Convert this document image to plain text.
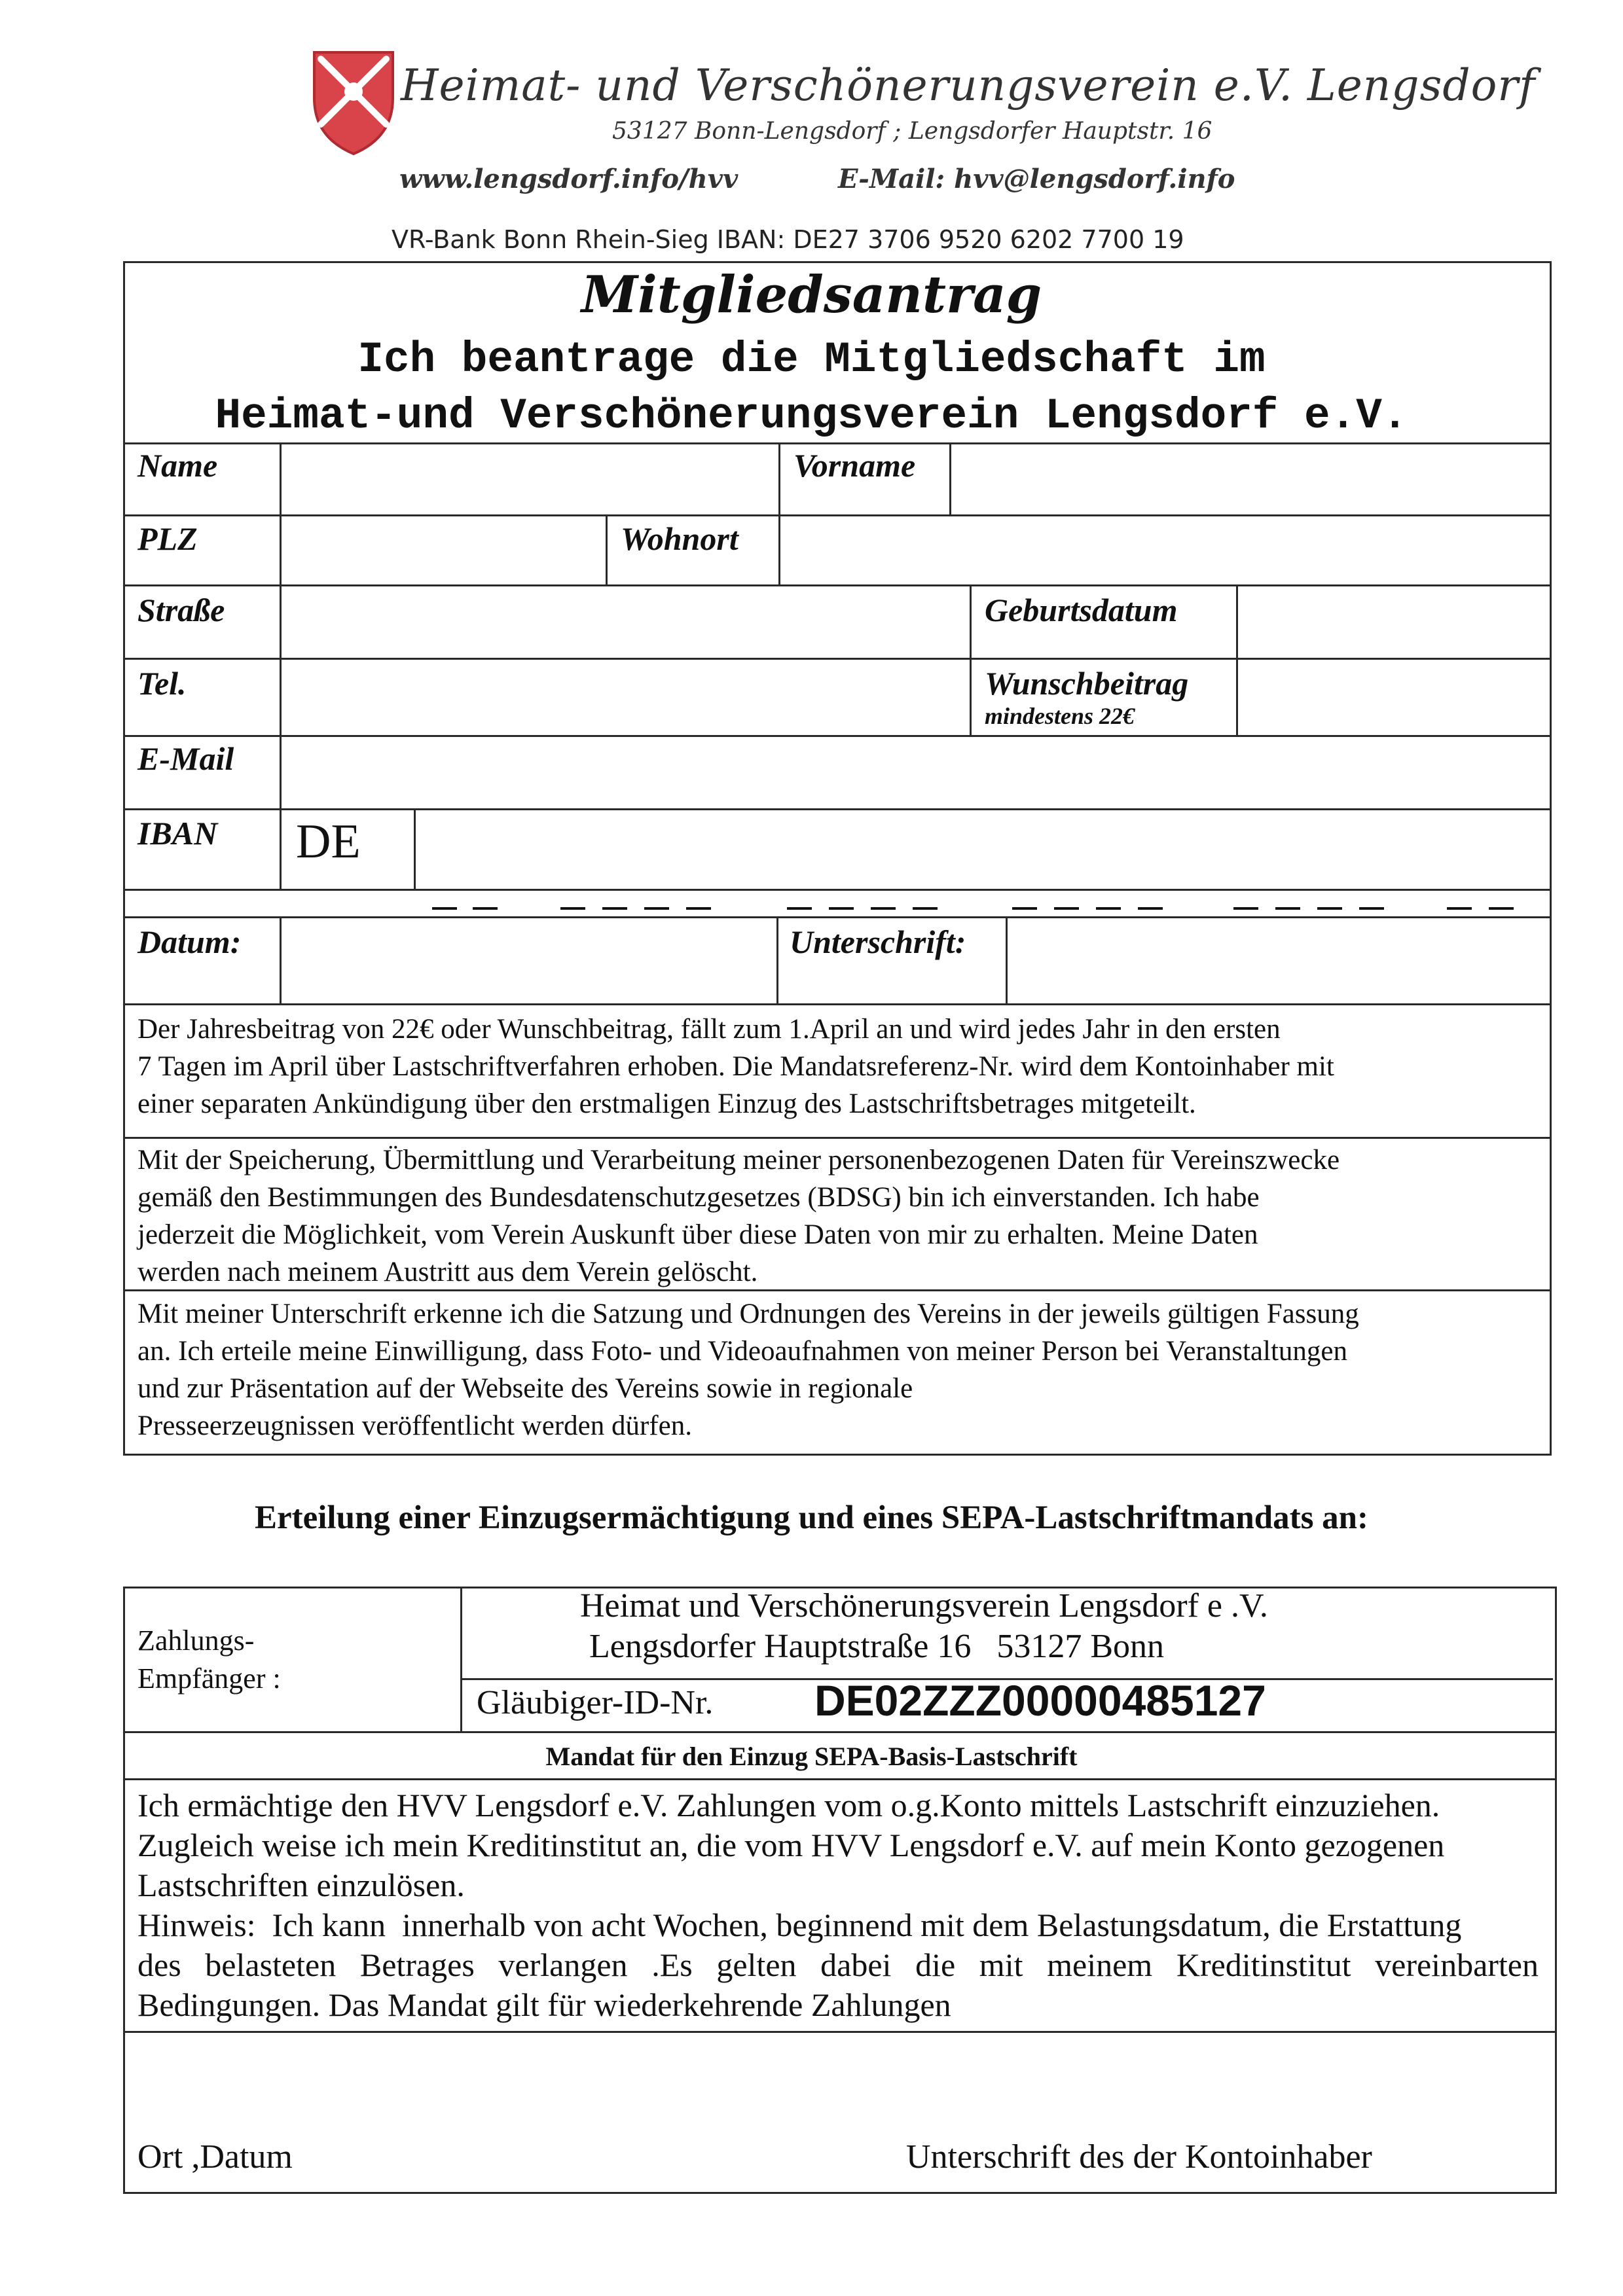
Heimat- und Verschönerungsverein e.V. Lengsdorf
53127 Bonn-Lengsdorf ; Lengsdorfer Hauptstr. 16
www.lengsdorf.info/hvv	E-Mail: hvv@lengsdorf.info
VR-Bank Bonn Rhein-Sieg IBAN: DE27 3706 9520 6202 7700 19
Mitgliedsantrag
Ich beantrage die Mitgliedschaft im
Heimat-und Verschönerungsverein Lengsdorf e.V.
Name	Vorname
PLZ	Wohnort
Straße	Geburtsdatum
Tel.	Wunschbeitrag
mindestens 22€
E-Mail
IBAN DE
Datum:	Unterschrift:
Der Jahresbeitrag von 22€ oder Wunschbeitrag, fällt zum 1.April an und wird jedes Jahr in den ersten
7 Tagen im April über Lastschriftverfahren erhoben. Die Mandatsreferenz-Nr. wird dem Kontoinhaber mit
einer separaten Ankündigung über den erstmaligen Einzug des Lastschriftsbetrages mitgeteilt.
Mit der Speicherung, Übermittlung und Verarbeitung meiner personenbezogenen Daten für Vereinszwecke
gemäß den Bestimmungen des Bundesdatenschutzgesetzes (BDSG) bin ich einverstanden. Ich habe
jederzeit die Möglichkeit, vom Verein Auskunft über diese Daten von mir zu erhalten. Meine Daten
werden nach meinem Austritt aus dem Verein gelöscht.
Mit meiner Unterschrift erkenne ich die Satzung und Ordnungen des Vereins in der jeweils gültigen Fassung
an. Ich erteile meine Einwilligung, dass Foto- und Videoaufnahmen von meiner Person bei Veranstaltungen
und zur Präsentation auf der Webseite des Vereins sowie in regionale
Presseerzeugnissen veröffentlicht werden dürfen.
Erteilung einer Einzugsermächtigung und eines SEPA-Lastschriftmandats an:
Zahlungs-
Empfänger :
Heimat und Verschönerungsverein Lengsdorf e .V.
Lengsdorfer Hauptstraße 16   53127 Bonn
Gläubiger-ID-Nr. DE02ZZZ00000485127
Mandat für den Einzug SEPA-Basis-Lastschrift
Ich ermächtige den HVV Lengsdorf e.V. Zahlungen vom o.g.Konto mittels Lastschrift einzuziehen.
Zugleich weise ich mein Kreditinstitut an, die vom HVV Lengsdorf e.V. auf mein Konto gezogenen
Lastschriften einzulösen.
Hinweis:  Ich kann  innerhalb von acht Wochen, beginnend mit dem Belastungsdatum, die Erstattung
des belasteten Betrages verlangen .Es gelten dabei die mit meinem Kreditinstitut vereinbarten
Bedingungen. Das Mandat gilt für wiederkehrende Zahlungen
Ort ,Datum	Unterschrift des der Kontoinhaber
